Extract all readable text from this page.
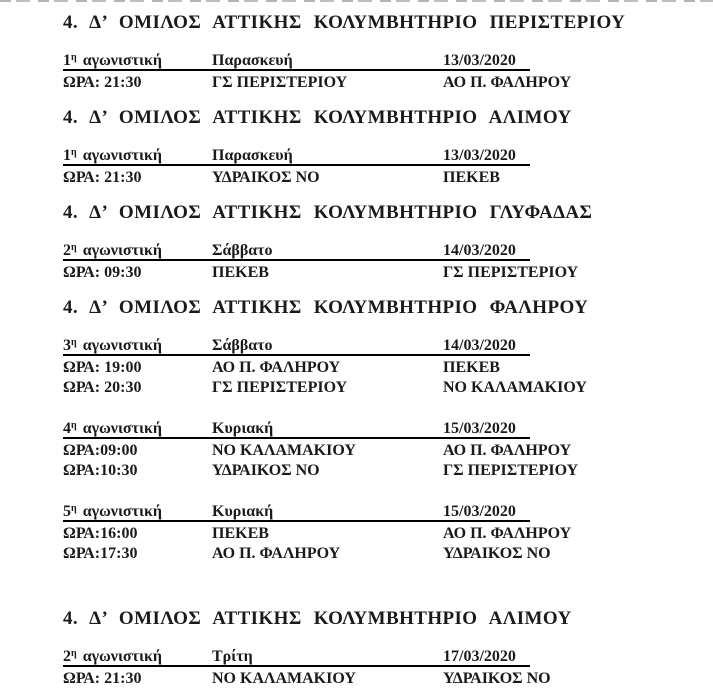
4. Δ’ ΟΜΙΛΟΣ ΑΤΤΙΚΗΣ ΚΟΛΥΜΒΗΤΗΡΙΟ ΠΕΡΙΣΤΕΡΙΟΥ
$1^\eta$ αγωνιστική	Παρασκευή	13/03/2020
ΩΡΑ: 21:30	ΓΣ ΠΕΡΙΣΤΕΡΙΟΥ	ΑΟ Π. ΦΑΛΗΡΟΥ
4. Δ’ ΟΜΙΛΟΣ ΑΤΤΙΚΗΣ ΚΟΛΥΜΒΗΤΗΡΙΟ ΑΛΙΜΟΥ
$1^\eta$ αγωνιστική	Παρασκευή	13/03/2020
ΩΡΑ: 21:30	ΥΔΡΑΙΚΟΣ ΝΟ	ΠΕΚΕΒ
4. Δ’ ΟΜΙΛΟΣ ΑΤΤΙΚΗΣ ΚΟΛΥΜΒΗΤΗΡΙΟ ΓΛΥΦΑΔΑΣ
$2^\eta$ αγωνιστική	Σάββατο	14/03/2020
ΩΡΑ: 09:30	ΠΕΚΕΒ	ΓΣ ΠΕΡΙΣΤΕΡΙΟΥ
4. Δ’ ΟΜΙΛΟΣ ΑΤΤΙΚΗΣ ΚΟΛΥΜΒΗΤΗΡΙΟ ΦΑΛΗΡΟΥ
$3^\eta$ αγωνιστική	Σάββατο	14/03/2020
ΩΡΑ: 19:00	ΑΟ Π. ΦΑΛΗΡΟΥ	ΠΕΚΕΒ
ΩΡΑ: 20:30	ΓΣ ΠΕΡΙΣΤΕΡΙΟΥ	ΝΟ ΚΑΛΑΜΑΚΙΟΥ
$4^\eta$ αγωνιστική	Κυριακή	15/03/2020
ΩΡΑ:09:00	ΝΟ ΚΑΛΑΜΑΚΙΟΥ	ΑΟ Π. ΦΑΛΗΡΟΥ
ΩΡΑ:10:30	ΥΔΡΑΙΚΟΣ ΝΟ	ΓΣ ΠΕΡΙΣΤΕΡΙΟΥ
$5^\eta$ αγωνιστική	Κυριακή	15/03/2020
ΩΡΑ:16:00	ΠΕΚΕΒ	ΑΟ Π. ΦΑΛΗΡΟΥ
ΩΡΑ:17:30	ΑΟ Π. ΦΑΛΗΡΟΥ	ΥΔΡΑΙΚΟΣ ΝΟ
4. Δ’ ΟΜΙΛΟΣ ΑΤΤΙΚΗΣ ΚΟΛΥΜΒΗΤΗΡΙΟ ΑΛΙΜΟΥ
$2^\eta$ αγωνιστική	Τρίτη	17/03/2020
ΩΡΑ: 21:30	ΝΟ ΚΑΛΑΜΑΚΙΟΥ	ΥΔΡΑΙΚΟΣ ΝΟ
